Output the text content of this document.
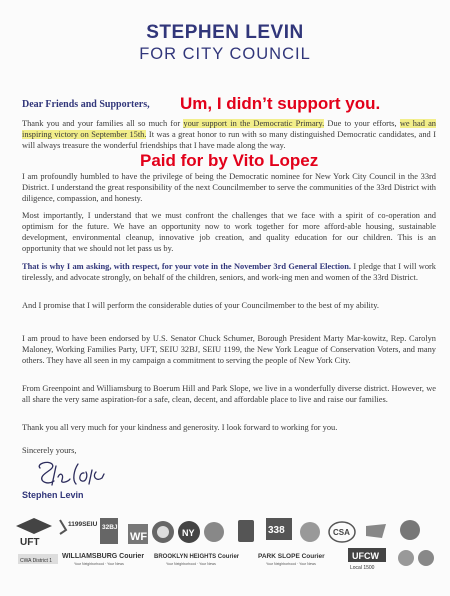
STEPHEN LEVIN
FOR CITY COUNCIL
Dear Friends and Supporters, Um, I didn’t support you.
Thank you and your families all so much for your support in the Democratic Primary. Due to your efforts, we had an inspiring victory on September 15th. It was a great honor to run with so many distinguished Democratic candidates, and I will always treasure the wonderful friendships that I have made along the way.
Paid for by Vito Lopez
I am profoundly humbled to have the privilege of being the Democratic nominee for New York City Council in the 33rd District. I understand the great responsibility of the next Councilmember to serve the communities of the 33rd District with diligence, compassion, and honesty.
Most importantly, I understand that we must confront the challenges that we face with a spirit of co-operation and optimism for the future. We have an opportunity now to work together for more afford-able housing, sustainable development, environmental cleanup, innovative job creation, and quality education for our children. This is an opportunity that we should not let pass us by.
That is why I am asking, with respect, for your vote in the November 3rd General Election. I pledge that I will work tirelessly, and advocate strongly, on behalf of the children, seniors, and work-ing men and women of the 33rd District.
And I promise that I will perform the considerable duties of your Councilmember to the best of my ability.
I am proud to have been endorsed by U.S. Senator Chuck Schumer, Borough President Marty Mar-kowitz, Rep. Carolyn Maloney, Working Families Party, UFT, SEIU 32BJ, SEIU 1199, the New York League of Conservation Voters, and many others. They have all seen in my campaign a commitment to serving the people of New York City.
From Greenpoint and Williamsburg to Boerum Hill and Park Slope, we live in a wonderfully diverse district. However, we all share the very same aspiration-for a safe, clean, decent, and affordable place to live and raise our families.
Thank you all very much for your kindness and generosity. I look forward to working for you.
Sincerely yours,
Stephen Levin
UFT
1199SEIU 32BJ
WF	NY	338	CSA
CWA District 1
WILLIAMSBURG Courier
Your Neighborhood · Your News
BROOKLYN HEIGHTS Courier
Your Neighborhood · Your News
PARK SLOPE Courier
Your Neighborhood · Your News
UFCW
Local 1500
